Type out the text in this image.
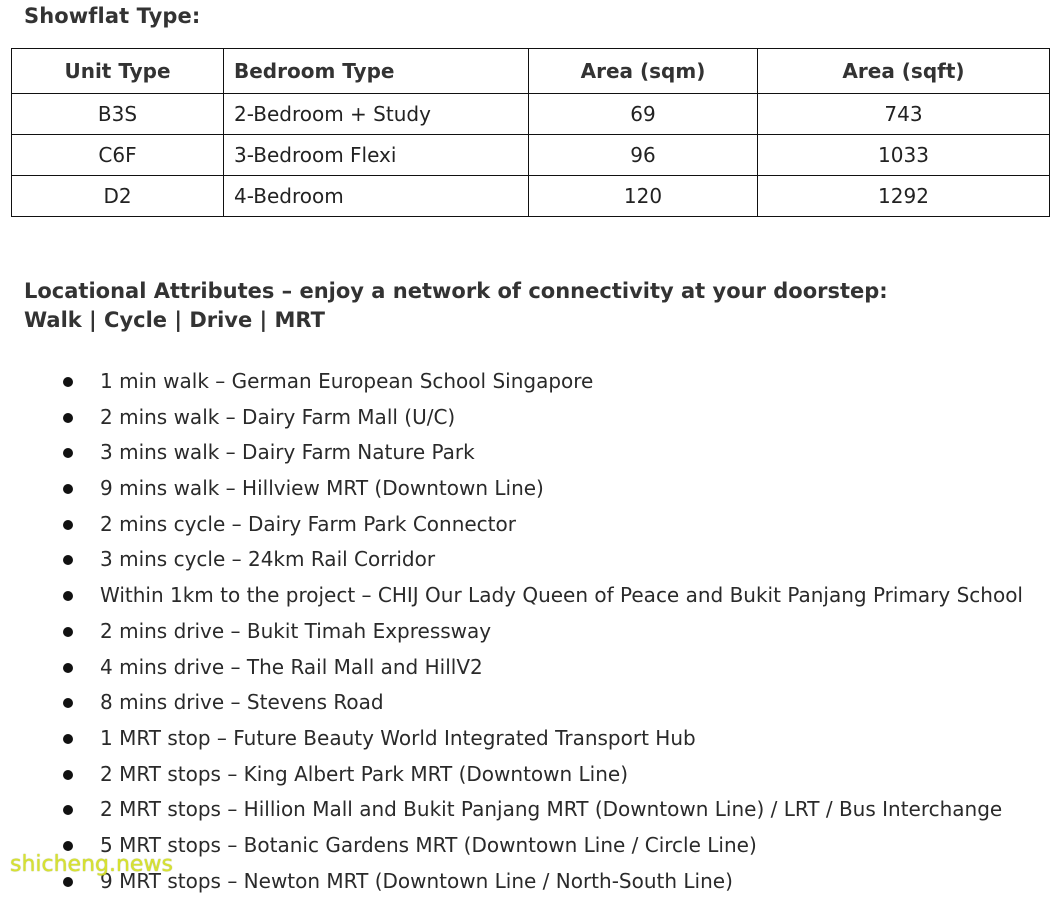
Showflat Type:
Unit Type	Bedroom Type	Area (sqm)	Area (sqft)
B3S	2-Bedroom + Study	69	743
C6F	3-Bedroom Flexi	96	1033
D2	4-Bedroom	120	1292
Locational Attributes – enjoy a network of connectivity at your doorstep:
Walk | Cycle | Drive | MRT
1 min walk – German European School Singapore
2 mins walk – Dairy Farm Mall (U/C)
3 mins walk – Dairy Farm Nature Park
9 mins walk – Hillview MRT (Downtown Line)
2 mins cycle – Dairy Farm Park Connector
3 mins cycle – 24km Rail Corridor
Within 1km to the project – CHIJ Our Lady Queen of Peace and Bukit Panjang Primary School
2 mins drive – Bukit Timah Expressway
4 mins drive – The Rail Mall and HillV2
8 mins drive – Stevens Road
1 MRT stop – Future Beauty World Integrated Transport Hub
2 MRT stops – King Albert Park MRT (Downtown Line)
2 MRT stops – Hillion Mall and Bukit Panjang MRT (Downtown Line) / LRT / Bus Interchange
5 MRT stops – Botanic Gardens MRT (Downtown Line / Circle Line)
9 MRT stops – Newton MRT (Downtown Line / North-South Line)
shicheng.news
